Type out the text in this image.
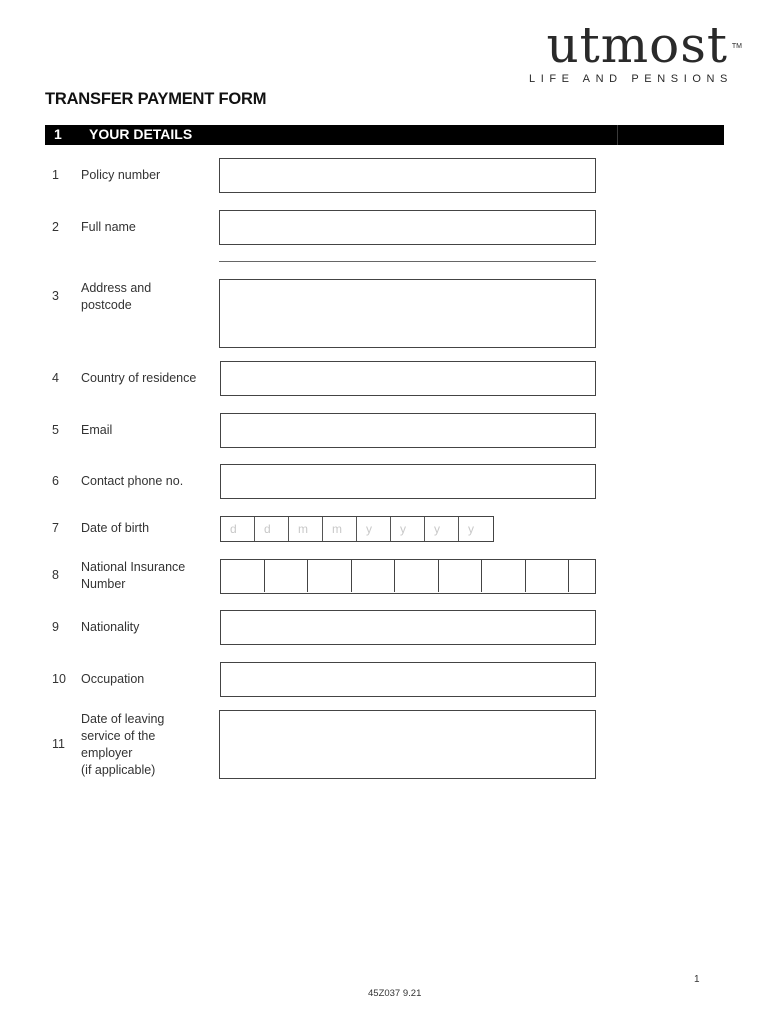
utmost TM
LIFE AND PENSIONS
TRANSFER PAYMENT FORM
1 YOUR DETAILS
1 Policy number
2 Full name
3
Address and
postcode
4 Country of residence
5 Email
6 Contact phone no.
7 Date of birth	d	d	m	m	y	y	y	y
8
National Insurance
Number
9 Nationality
10 Occupation
11
Date of leaving
service of the
employer
(if applicable)
1
45Z037 9.21
